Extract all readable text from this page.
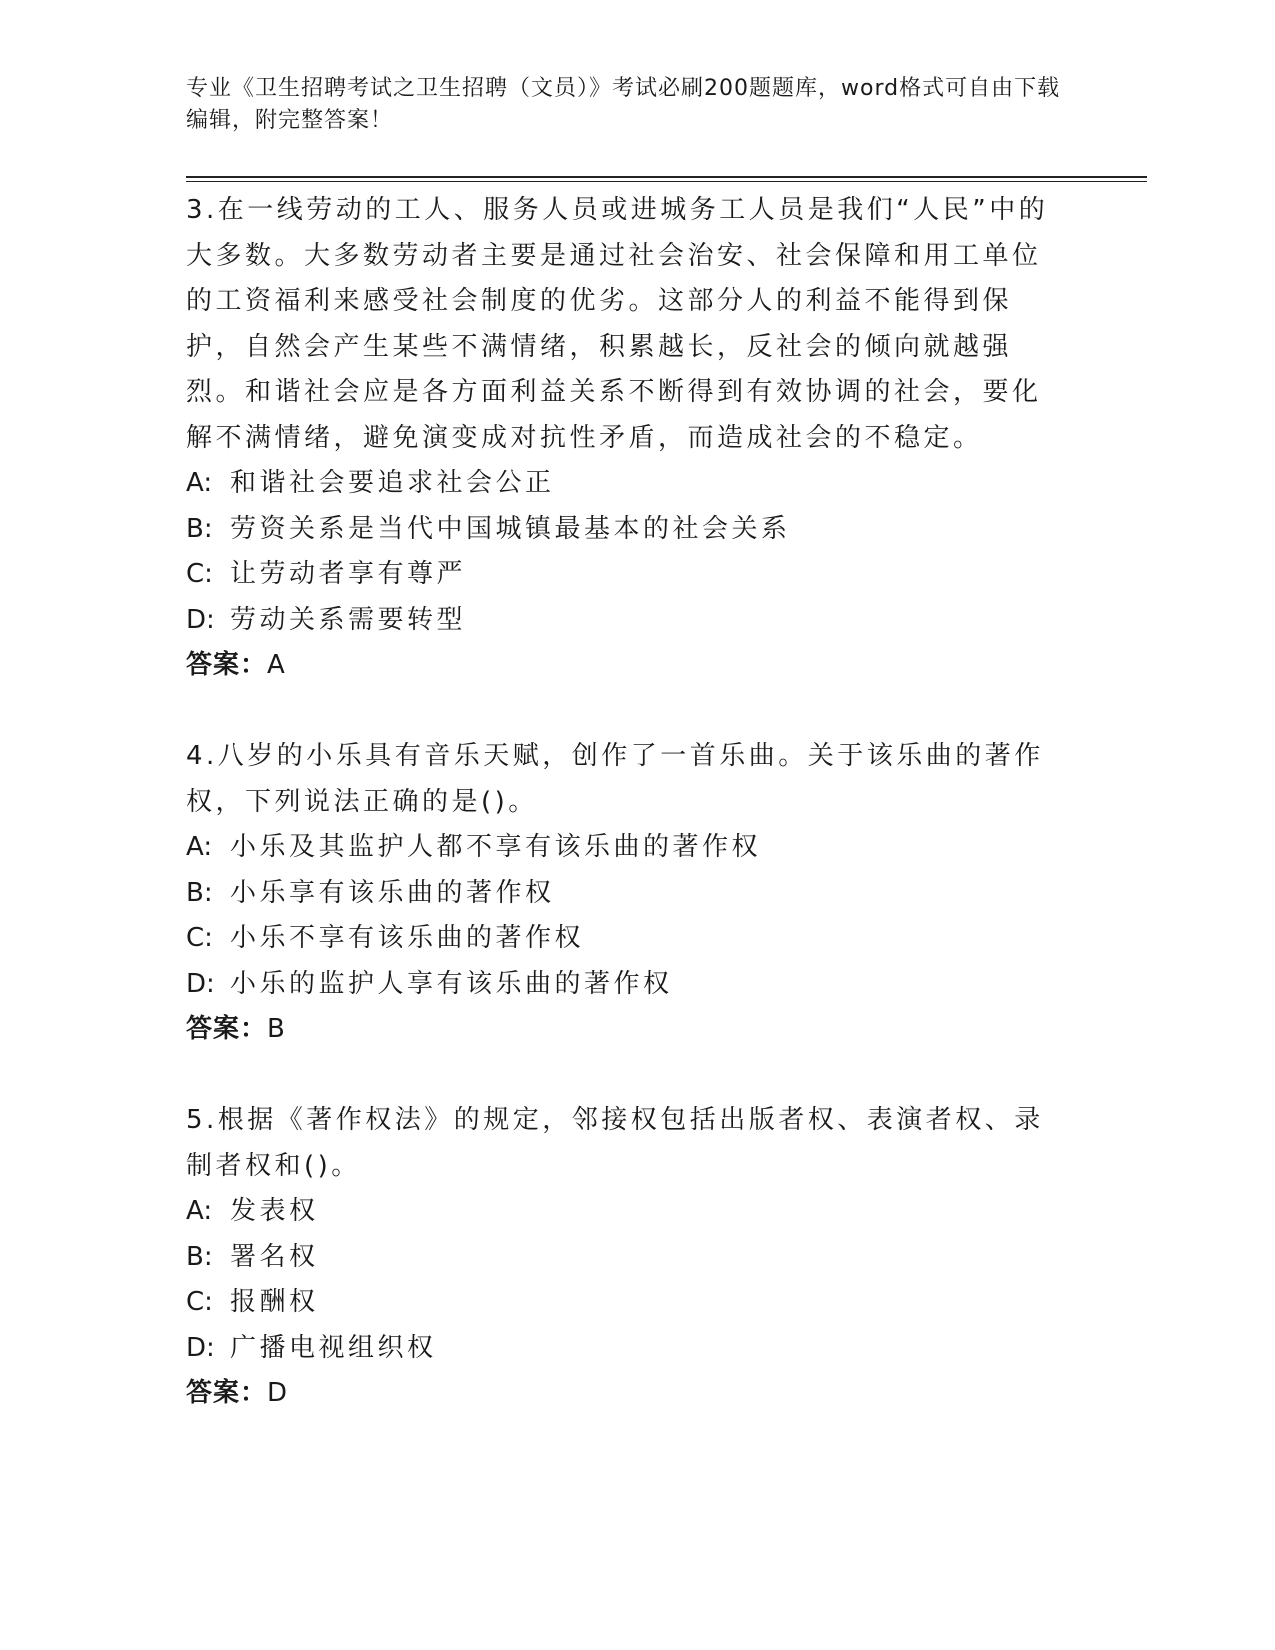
专业《卫生招聘考试之卫生招聘（文员）》考试必刷200题题库，word格式可自由下载编辑，附完整答案！

3.在一线劳动的工人、服务人员或进城务工人员是我们“人民”中的大多数。大多数劳动者主要是通过社会治安、社会保障和用工单位的工资福利来感受社会制度的优劣。这部分人的利益不能得到保护，自然会产生某些不满情绪，积累越长，反社会的倾向就越强烈。和谐社会应是各方面利益关系不断得到有效协调的社会，要化解不满情绪，避免演变成对抗性矛盾，而造成社会的不稳定。

A: 和谐社会要追求社会公正

B: 劳资关系是当代中国城镇最基本的社会关系

C: 让劳动者享有尊严

D: 劳动关系需要转型

答案：A

4.八岁的小乐具有音乐天赋，创作了一首乐曲。关于该乐曲的著作权，下列说法正确的是()。

A: 小乐及其监护人都不享有该乐曲的著作权

B: 小乐享有该乐曲的著作权

C: 小乐不享有该乐曲的著作权

D: 小乐的监护人享有该乐曲的著作权

答案：B

5.根据《著作权法》的规定，邻接权包括出版者权、表演者权、录制者权和()。

A: 发表权

B: 署名权

C: 报酬权

D: 广播电视组织权

答案：D
